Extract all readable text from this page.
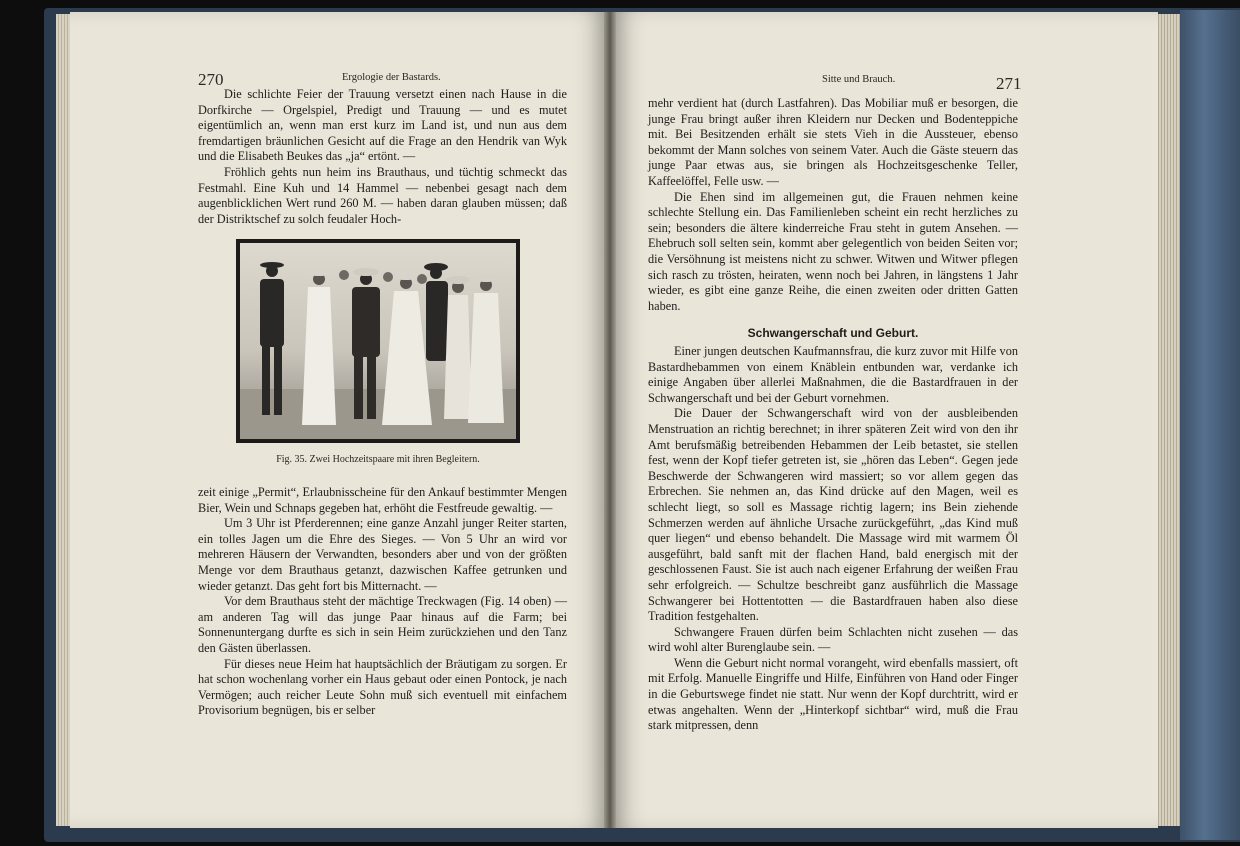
270	Ergologie der Bastards.

Die schlichte Feier der Trauung versetzt einen nach Hause in die Dorfkirche — Orgelspiel, Predigt und Trauung — und es mutet eigentümlich an, wenn man erst kurz im Land ist, und nun aus dem fremdartigen bräunlichen Gesicht auf die Frage an den Hendrik van Wyk und die Elisabeth Beukes das „ja“ ertönt. —

Fröhlich gehts nun heim ins Brauthaus, und tüchtig schmeckt das Festmahl. Eine Kuh und 14 Hammel — nebenbei gesagt nach dem augenblicklichen Wert rund 260 M. — haben daran glauben müssen; daß der Distriktschef zu solch feudaler Hoch-

Fig. 35. Zwei Hochzeitspaare mit ihren Begleitern.

zeit einige „Permit“, Erlaubnisscheine für den Ankauf bestimmter Mengen Bier, Wein und Schnaps gegeben hat, erhöht die Festfreude gewaltig. —

Um 3 Uhr ist Pferderennen; eine ganze Anzahl junger Reiter starten, ein tolles Jagen um die Ehre des Sieges. — Von 5 Uhr an wird vor mehreren Häusern der Verwandten, besonders aber und von der größten Menge vor dem Brauthaus getanzt, dazwischen Kaffee getrunken und wieder getanzt. Das geht fort bis Mitternacht. —

Vor dem Brauthaus steht der mächtige Treckwagen (Fig. 14 oben) — am anderen Tag will das junge Paar hinaus auf die Farm; bei Sonnenuntergang durfte es sich in sein Heim zurückziehen und den Tanz den Gästen überlassen.

Für dieses neue Heim hat hauptsächlich der Bräutigam zu sorgen. Er hat schon wochenlang vorher ein Haus gebaut oder einen Pontock, je nach Vermögen; auch reicher Leute Sohn muß sich eventuell mit einfachem Provisorium begnügen, bis er selber

Sitte und Brauch.	271

mehr verdient hat (durch Lastfahren). Das Mobiliar muß er besorgen, die junge Frau bringt außer ihren Kleidern nur Decken und Bodenteppiche mit. Bei Besitzenden erhält sie stets Vieh in die Aussteuer, ebenso bekommt der Mann solches von seinem Vater. Auch die Gäste steuern das junge Paar etwas aus, sie bringen als Hochzeitsgeschenke Teller, Kaffeelöffel, Felle usw. —

Die Ehen sind im allgemeinen gut, die Frauen nehmen keine schlechte Stellung ein. Das Familienleben scheint ein recht herzliches zu sein; besonders die ältere kinderreiche Frau steht in gutem Ansehen. — Ehebruch soll selten sein, kommt aber gelegentlich von beiden Seiten vor; die Versöhnung ist meistens nicht zu schwer. Witwen und Witwer pflegen sich rasch zu trösten, heiraten, wenn noch bei Jahren, in längstens 1 Jahr wieder, es gibt eine ganze Reihe, die einen zweiten oder dritten Gatten haben.

Schwangerschaft und Geburt.

Einer jungen deutschen Kaufmannsfrau, die kurz zuvor mit Hilfe von Bastardhebammen von einem Knäblein entbunden war, verdanke ich einige Angaben über allerlei Maßnahmen, die die Bastardfrauen in der Schwangerschaft und bei der Geburt vornehmen.

Die Dauer der Schwangerschaft wird von der ausbleibenden Menstruation an richtig berechnet; in ihrer späteren Zeit wird von den ihr Amt berufsmäßig betreibenden Hebammen der Leib betastet, sie stellen fest, wenn der Kopf tiefer getreten ist, sie „hören das Leben“. Gegen jede Beschwerde der Schwangeren wird massiert; so vor allem gegen das Erbrechen. Sie nehmen an, das Kind drücke auf den Magen, weil es schlecht liegt, so soll es Massage richtig lagern; ins Bein ziehende Schmerzen werden auf ähnliche Ursache zurückgeführt, „das Kind muß quer liegen“ und ebenso behandelt. Die Massage wird mit warmem Öl ausgeführt, bald sanft mit der flachen Hand, bald energisch mit der geschlossenen Faust. Sie ist auch nach eigener Erfahrung der weißen Frau sehr erfolgreich. — Schultze beschreibt ganz ausführlich die Massage Schwangerer bei Hottentotten — die Bastardfrauen haben also diese Tradition festgehalten.

Schwangere Frauen dürfen beim Schlachten nicht zusehen — das wird wohl alter Burenglaube sein. —

Wenn die Geburt nicht normal vorangeht, wird ebenfalls massiert, oft mit Erfolg. Manuelle Eingriffe und Hilfe, Einführen von Hand oder Finger in die Geburtswege findet nie statt. Nur wenn der Kopf durchtritt, wird er etwas angehalten. Wenn der „Hinterkopf sichtbar“ wird, muß die Frau stark mitpressen, denn
